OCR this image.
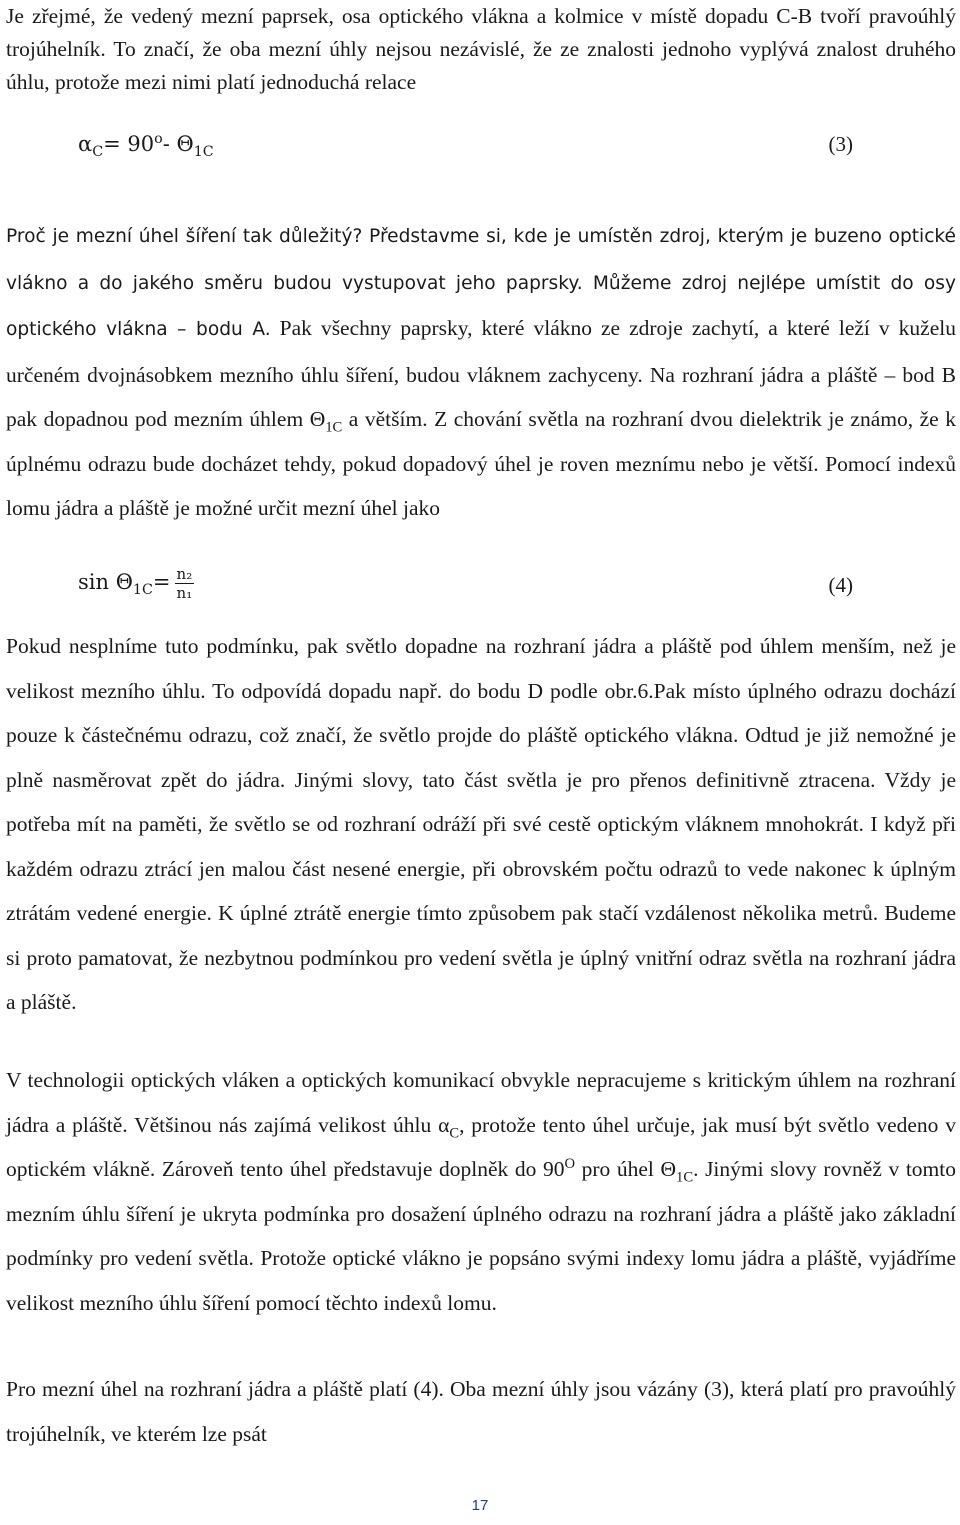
Je zřejmé, že vedený mezní paprsek, osa optického vlákna a kolmice v místě dopadu C-B tvoří pravoúhlý trojúhelník. To značí, že oba mezní úhly nejsou nezávislé, že ze znalosti jednoho vyplývá znalost druhého úhlu, protože mezi nimi platí jednoduchá relace

$\alpha_C= 90^o-$ $\Theta_{1C}$	(3)

Proč je mezní úhel šíření tak důležitý? Představme si, kde je umístěn zdroj, kterým je buzeno optické vlákno a do jakého směru budou vystupovat jeho paprsky. Můžeme zdroj nejlépe umístit do osy optického vlákna – bodu A. Pak všechny paprsky, které vlákno ze zdroje zachytí, a které leží v kuželu určeném dvojnásobkem mezního úhlu šíření, budou vláknem zachyceny. Na rozhraní jádra a pláště – bod B pak dopadnou pod mezním úhlem $\Theta_{1C}$ a větším. Z chování světla na rozhraní dvou dielektrik je známo, že k úplnému odrazu bude docházet tehdy, pokud dopadový úhel je roven meznímu nebo je větší. Pomocí indexů lomu jádra a pláště je možné určit mezní úhel jako

$\sin \Theta_{1C}= \frac{\text{n₂}}{\text{n₁}}$	(4)

Pokud nesplníme tuto podmínku, pak světlo dopadne na rozhraní jádra a pláště pod úhlem menším, než je velikost mezního úhlu. To odpovídá dopadu např. do bodu D podle obr.6.Pak místo úplného odrazu dochází pouze k částečnému odrazu, což značí, že světlo projde do pláště optického vlákna. Odtud je již nemožné je plně nasměrovat zpět do jádra. Jinými slovy, tato část světla je pro přenos definitivně ztracena. Vždy je potřeba mít na paměti, že světlo se od rozhraní odráží při své cestě optickým vláknem mnohokrát. I když při každém odrazu ztrácí jen malou část nesené energie, při obrovském počtu odrazů to vede nakonec k úplným ztrátám vedené energie. K úplné ztrátě energie tímto způsobem pak stačí vzdálenost několika metrů. Budeme si proto pamatovat, že nezbytnou podmínkou pro vedení světla je úplný vnitřní odraz světla na rozhraní jádra a pláště.

V technologii optických vláken a optických komunikací obvykle nepracujeme s kritickým úhlem na rozhraní jádra a pláště. Většinou nás zajímá velikost úhlu $\alpha_C$, protože tento úhel určuje, jak musí být světlo vedeno v optickém vlákně. Zároveň tento úhel představuje doplněk do $90^O$ pro úhel $\Theta_{1C}$. Jinými slovy rovněž v tomto mezním úhlu šíření je ukryta podmínka pro dosažení úplného odrazu na rozhraní jádra a pláště jako základní podmínky pro vedení světla. Protože optické vlákno je popsáno svými indexy lomu jádra a pláště, vyjádříme velikost mezního úhlu šíření pomocí těchto indexů lomu.

Pro mezní úhel na rozhraní jádra a pláště platí (4). Oba mezní úhly jsou vázány (3), která platí pro pravoúhlý trojúhelník, ve kterém lze psát

17
